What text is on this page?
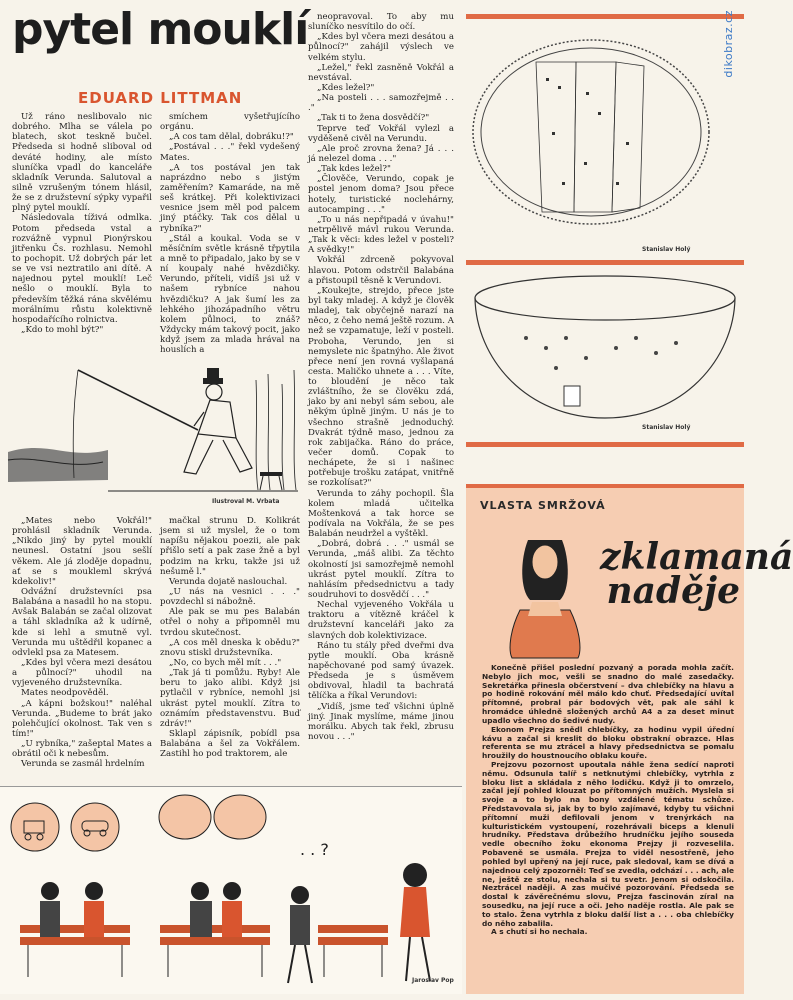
pytel mouklí
EDUARD LITTMAN

Už ráno neslibovalo nic dobrého. Mlha se válela po blatech, skot teskně bučel. Předseda si hodně sliboval od deváté hodiny, ale místo sluníčka vpadl do kanceláře skladník Verunda. Salutoval a silně vzrušeným tónem hlásil, že se z družstevní sýpky vypařil plný pytel mouklí.

Následovala tíživá odmlka. Potom předseda vstal a rozvážně vypnul Pionýrskou jitřenku Čs. rozhlasu. Nemohl to pochopit. Už dobrých pár let se ve vsi neztratilo ani dítě. A najednou pytel mouklí! Leč nešlo o mouklí. Byla to především těžká rána skvělému morálnímu růstu kolektivně hospodařícího rolnictva.

„Kdo to mohl být?"

smíchem vyšetřujícího orgánu.

„A cos tam dělal, dobráku!?"

„Postával . . ." řekl vydešený Mates.

„A tos postával jen tak naprázdno nebo s jistým zaměřením? Kamaráde, na mě seš krátkej. Při kolektivizaci vesnice jsem měl pod palcem jiný ptáčky. Tak cos dělal u rybníka?"

„Stál a koukal. Voda se v měsíčním světle krásně třpytila a mně to připadalo, jako by se v ní koupaly nahé hvězdičky. Verundo, příteli, vidíš jsi už v našem rybníce nahou hvězdičku? A jak šumí les za lehkého jihozápadního větru kolem půlnoci, to znáš? Vždycky mám takový pocit, jako když jsem za mlada hrával na houslích a

neopravoval. To aby mu sluníčko nesvítilo do očí.

„Kdes byl včera mezi desátou a půlnocí?" zahájil výslech ve velkém stylu.

„Ležel," řekl zasněně Vokřál a nevstával.

„Kdes ležel?"

„Na posteli . . . samozřejmě . . ."

„Tak ti to žena dosvědčí?"

Teprve teď Vokřál vylezl a vyděšeně civěl na Verundu.

„Ale proč zrovna žena? Já . . . já nelezel doma . . ."

„Tak kdes ležel?"

„Člověče, Verundo, copak je postel jenom doma? Jsou přece hotely, turistické noclehárny, autocamping . . ."

„To u nás nepřipadá v úvahu!" netrpělivě mávl rukou Verunda. „Tak k věci: kdes ležel v posteli? A svědky!"

Vokřál zdrceně pokyvoval hlavou. Potom odstrčil Balabána a přistoupil těsně k Verundovi.

„Koukejte, strejdo, přece jste byl taky mladej. A když je člověk mladej, tak obyčejně narazí na něco, z čeho nemá ještě rozum. A než se vzpamatuje, leží v posteli. Proboha, Verundo, jen si nemyslete nic špatnýho. Ale život přece není jen rovná vyšlapaná cesta. Maličko uhnete a . . . Víte, to bloudění je něco tak zvláštního, že se člověku zdá, jako by ani nebyl sám sebou, ale někým úplně jiným. U nás je to všechno strašně jednoduchý. Dvakrát týdně maso, jednou za rok zabijačka. Ráno do práce, večer domů. Copak to nechápete, že si i našinec potřebuje trošku zatápat, vnitřně se rozkolísat?"

Verunda to záhy pochopil. Šla kolem mladá učitelka Moštenková a tak horce se podívala na Vokřála, že se pes Balabán neudržel a vyštěkl.

„Dobrá, dobrá . . ." usmál se Verunda, „máš alibi. Za těchto okolností jsi samozřejmě nemohl ukrást pytel mouklí. Zítra to nahlásím předsednictvu a tady soudruhovi to dosvědčí . . ."

Nechal vyjeveného Vokřála u traktoru a vítězně kráčel k družstevní kanceláři jako za slavných dob kolektivizace.

Ráno tu stály před dveřmi dva pytle mouklí. Oba krásně napěchované pod samý úvazek. Předseda je s úsměvem obdivoval, hladil ta bachratá tělíčka a říkal Verundovi:

„Vidíš, jsme teď všichni úplně jiný. Jinak myslíme, máme jinou morálku. Abych tak řekl, zbrusu novou . . ."

Ilustroval M. Vrbata

„Mates nebo Vokřál!" prohlásil skladník Verunda. „Nikdo jiný by pytel mouklí neunesl. Ostatní jsou sešlí věkem. Ale já zloděje dopadnu, ať se s moukleml skrývá kdekoliv!"

Odvážní družstevníci psa Balabána a nasadil ho na stopu. Avšak Balabán se začal olizovat a táhl skladníka až k udírně, kde si lehl a smutně vyl. Verunda mu uštědřil kopanec a odvlekl psa za Matesem.

„Kdes byl včera mezi desátou a půlnocí?" uhodil na vyjeveného družstevníka.

Mates neodpověděl.

„A kápni božskou!" naléhal Verunda. „Budeme to brát jako polehčující okolnost. Tak ven s tím!"

„U rybníka," zašeptal Mates a obrátil oči k nebesům.

Verunda se zasmál hrdelním

mačkal strunu D. Kolikrát jsem si už myslel, že o tom napíšu nějakou poezii, ale pak přišlo setí a pak zase žně a byl podzim na krku, takže jsi už nešumě l."

Verunda dojatě naslouchal.

„U nás na vesnici . . ." povzdechl si nábožně.

Ale pak se mu pes Balabán otřel o nohy a připomněl mu tvrdou skutečnost.

„A cos měl dneska k obědu?" znovu stiskl družstevníka.

„No, co bych měl mít . . ."

„Tak já ti pomůžu. Ryby! Ale beru to jako alibi. Když jsi pytlačil v rybníce, nemohl jsi ukrást pytel mouklí. Zítra to oznámím představenstvu. Buď zdráv!"

Sklapl zápisník, pobídl psa Balabána a šel za Vokřálem. Zastihl ho pod traktorem, ale

. . ?
Jaroslav Pop
Stanislav Holý
Stanislav Holý
dikobraz.cz
VLASTA SMRŽOVÁ
zklamaná
naděje

Konečně přišel poslední pozvaný a porada mohla začít. Nebylo jich moc, vešli se snadno do malé zasedačky. Sekretářka přinesla občerstvení – dva chlebíčky na hlavu a po hodině rokování měl málo kdo chuť. Předsedající uvítal přítomné, probral pár bodových vět, pak ale sáhl k hromádce úhledně složených archů A4 a za deset minut upadlo všechno do šedivé nudy.

Ekonom Prejza snědl chlebíčky, za hodinu vypil úřední kávu a začal si kreslit do bloku obstrakní obrazce. Hlas referenta se mu ztrácel a hlavy předsednictva se pomalu hroužily do houstnoucího oblaku kouře.

Prejzovu pozornost upoutala náhle žena sedící naproti němu. Odsunula talíř s netknutými chlebíčky, vytrhla z bloku list a skládala z něho lodičku. Když ji to omrzelo, začal její pohled klouzat po přítomných mužích. Myslela si svoje a to bylo na bony vzdálené tématu schůze. Představovala si, jak by to bylo zajímavé, kdyby tu všichni přítomní muži defilovali jenom v trenýrkách na kulturistickém vystoupení, rozehrávali biceps a klenuli hrudníky. Představa drůbežího hrudníčku jejího souseda vedle obecního žoku ekonoma Prejzy ji rozveselila. Pobaveně se usmála. Prejza to viděl nesostřeně, jeho pohled byl upřený na její ruce, pak sledoval, kam se dívá a najednou celý zpozorněl: Teď se zvedla, odchází . . . ach, ale ne, ještě ze stolu, nechala si tu svetr. Jenom si odskočila. Neztrácel naději. A zas mučivé pozorování. Předseda se dostal k závěrečnému slovu, Prejza fascinován zíral na sousedku, na její ruce a oči. Jeho naděje rostla. Ale pak se to stalo. Žena vytrhla z bloku další list a . . . oba chlebíčky do něho zabalila.

A s chutí si ho nechala.
